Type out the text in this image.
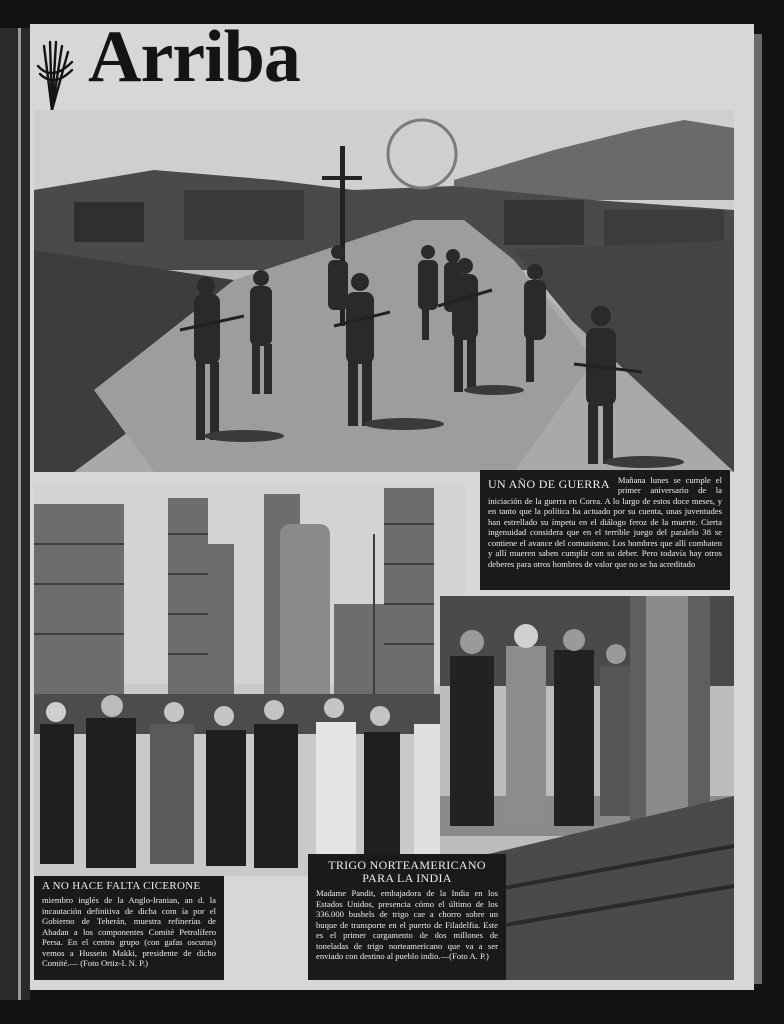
Arriba
UN AÑO DE GUERRA Mañana lunes se cumple el primer aniversario de la iniciación de la guerra en Corea. A lo largo de estos doce meses, y en tanto que la política ha actuado por su cuenta, unas juventudes han estrellado su ímpetu en el diálogo feroz de la muerte. Cierta ingenuidad considera que en el terrible juego del paralelo 38 se contiene el avance del comunismo. Los hombres que allí combaten y allí mueren saben cumplir con su deber. Pero todavía hay otros deberes para otros hombres de valor que no se ha acreditado
A NO HACE FALTA CICERONE
miembro inglés de la Anglo-Iranian, an d. la incautación definitiva de dicha com ía por el Gobierno de Teherán, muestra refinerías de Abadan a los componentes Comité Petrolífero Persa. En el centro grupo (con gafas oscuras) vemos a Hussein Makki, presidente de dicho Comité.— (Foto Ortiz-I. N. P.)
TRIGO NORTEAMERICANO PARA LA INDIA
Madame Pandit, embajadora de la India en los Estados Unidos, presencia cómo el último de los 336.000 bushels de trigo cae a chorro sobre un buque de transporte en el puerto de Filadelfia. Este es el primer cargamento de dos millones de toneladas de trigo norteamericano que va a ser enviado con destino al pueblo indio.—(Foto A. P.)
